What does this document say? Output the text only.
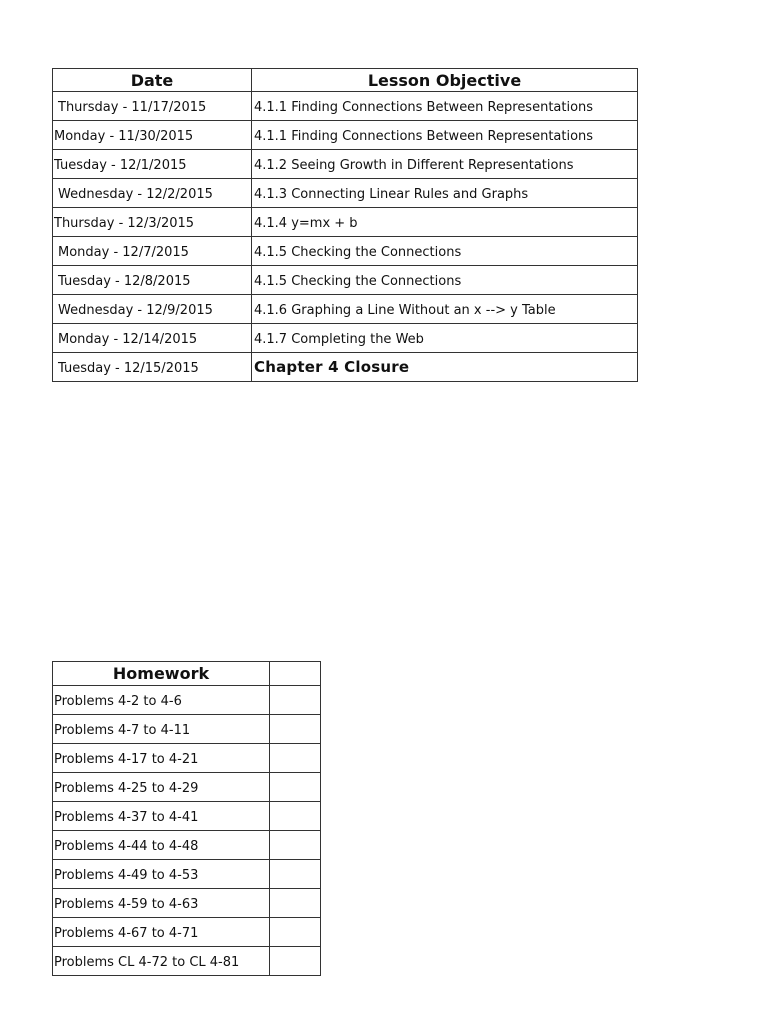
Date	Lesson Objective
Thursday - 11/17/2015	4.1.1 Finding Connections Between Representations
Monday - 11/30/2015	4.1.1 Finding Connections Between Representations
Tuesday - 12/1/2015	4.1.2 Seeing Growth in Different Representations
Wednesday - 12/2/2015	4.1.3 Connecting Linear Rules and Graphs
Thursday - 12/3/2015	4.1.4 y=mx + b
Monday - 12/7/2015	4.1.5 Checking the Connections
Tuesday - 12/8/2015	4.1.5 Checking the Connections
Wednesday - 12/9/2015	4.1.6 Graphing a Line Without an x --> y Table
Monday - 12/14/2015	4.1.7 Completing the Web
Tuesday - 12/15/2015	Chapter 4 Closure
Homework	
Problems 4-2 to 4-6	
Problems 4-7 to 4-11	
Problems 4-17 to 4-21	
Problems 4-25 to 4-29	
Problems 4-37 to 4-41	
Problems 4-44 to 4-48	
Problems 4-49 to 4-53	
Problems 4-59 to 4-63	
Problems 4-67 to 4-71	
Problems CL 4-72 to CL 4-81	
